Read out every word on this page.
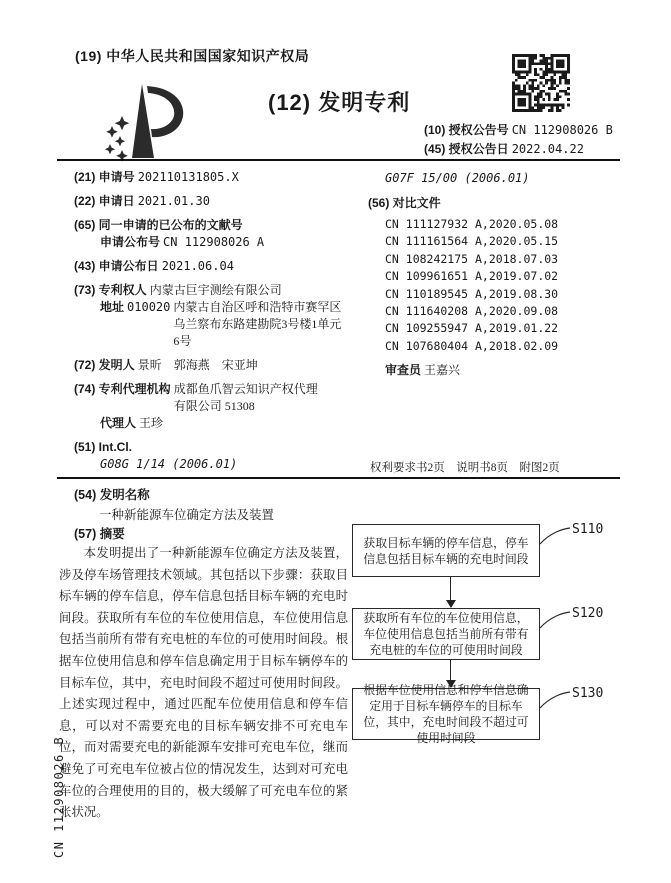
(19) 中华人民共和国国家知识产权局
(12) 发明专利
(10) 授权公告号 CN 112908026 B
(45) 授权公告日 2022.04.22
(21) 申请号 202110131805.X
(22) 申请日 2021.01.30
(65) 同一申请的已公布的文献号
申请公布号 CN 112908026 A
(43) 申请公布日 2021.06.04
(73) 专利权人 内蒙古巨宇测绘有限公司
地址 010020 内蒙古自治区呼和浩特市赛罕区乌兰察布东路建勘院3号楼1单元6号
(72) 发明人 景昕　郭海燕　宋亚坤
(74) 专利代理机构 成都鱼爪智云知识产权代理有限公司 51308
代理人 王珍
(51) Int.Cl.
G08G 1/14 (2006.01)
G07F 15/00 (2006.01)
(56) 对比文件
CN 111127932 A,2020.05.08
CN 111161564 A,2020.05.15
CN 108242175 A,2018.07.03
CN 109961651 A,2019.07.02
CN 110189545 A,2019.08.30
CN 111640208 A,2020.09.08
CN 109255947 A,2019.01.22
CN 107680404 A,2018.02.09
审查员 王嘉兴
权利要求书2页　说明书8页　附图2页
(54) 发明名称
一种新能源车位确定方法及装置
(57) 摘要
本发明提出了一种新能源车位确定方法及装置，涉及停车场管理技术领域。其包括以下步骤：获取目标车辆的停车信息，停车信息包括目标车辆的充电时间段。获取所有车位的车位使用信息，车位使用信息包括当前所有带有充电桩的车位的可使用时间段。根据车位使用信息和停车信息确定用于目标车辆停车的目标车位，其中，充电时间段不超过可使用时间段。上述实现过程中，通过匹配车位使用信息和停车信息，可以对不需要充电的目标车辆安排不可充电车位，而对需要充电的新能源车安排可充电车位，继而避免了可充电车位被占位的情况发生，达到对可充电车位的合理使用的目的，极大缓解了可充电车位的紧张状况。
获取目标车辆的停车信息，停车信息包括目标车辆的充电时间段
S110
获取所有车位的车位使用信息，车位使用信息包括当前所有带有充电桩的车位的可使用时间段
S120
根据车位使用信息和停车信息确定用于目标车辆停车的目标车位，其中，充电时间段不超过可使用时间段
S130
CN 112908026 B
